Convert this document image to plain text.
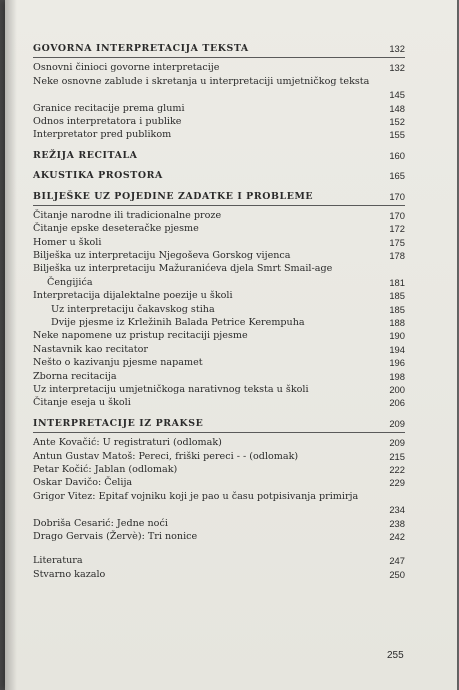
GOVORNA INTERPRETACIJA TEKSTA	132
Osnovni činioci govorne interpretacije	132
Neke osnovne zablude i skretanja u interpretaciji umjetničkog teksta
145
Granice recitacije prema glumi	148
Odnos interpretatora i publike	152
Interpretator pred publikom	155
REŽIJA RECITALA	160
AKUSTIKA PROSTORA	165
BILJEŠKE UZ POJEDINE ZADATKE I PROBLEME	170
Čitanje narodne ili tradicionalne proze	170
Čitanje epske deseteračke pjesme	172
Homer u školi	175
Bilješka uz interpretaciju Njegoševa Gorskog vijenca	178
Bilješka uz interpretaciju Mažuranićeva djela Smrt Smail-age Čengijića	181
Interpretacija dijalektalne poezije u školi	185
Uz interpretaciju čakavskog stiha	185
Dvije pjesme iz Krležinih Balada Petrice Kerempuha	188
Neke napomene uz pristup recitaciji pjesme	190
Nastavnik kao recitator	194
Nešto o kazivanju pjesme napamet	196
Zborna recitacija	198
Uz interpretaciju umjetničkoga narativnog teksta u školi	200
Čitanje eseja u školi	206
INTERPRETACIJE IZ PRAKSE	209
Ante Kovačić: U registraturi (odlomak)	209
Antun Gustav Matoš: Pereci, friški pereci - - (odlomak)	215
Petar Kočić: Jablan (odlomak)	222
Oskar Davičo: Čelija	229
Grigor Vitez: Epitaf vojniku koji je pao u času potpisivanja primirja
234
Dobriša Cesarić: Jedne noći	238
Drago Gervais (Žervè): Tri nonice	242
Literatura	247
Stvarno kazalo	250
255
